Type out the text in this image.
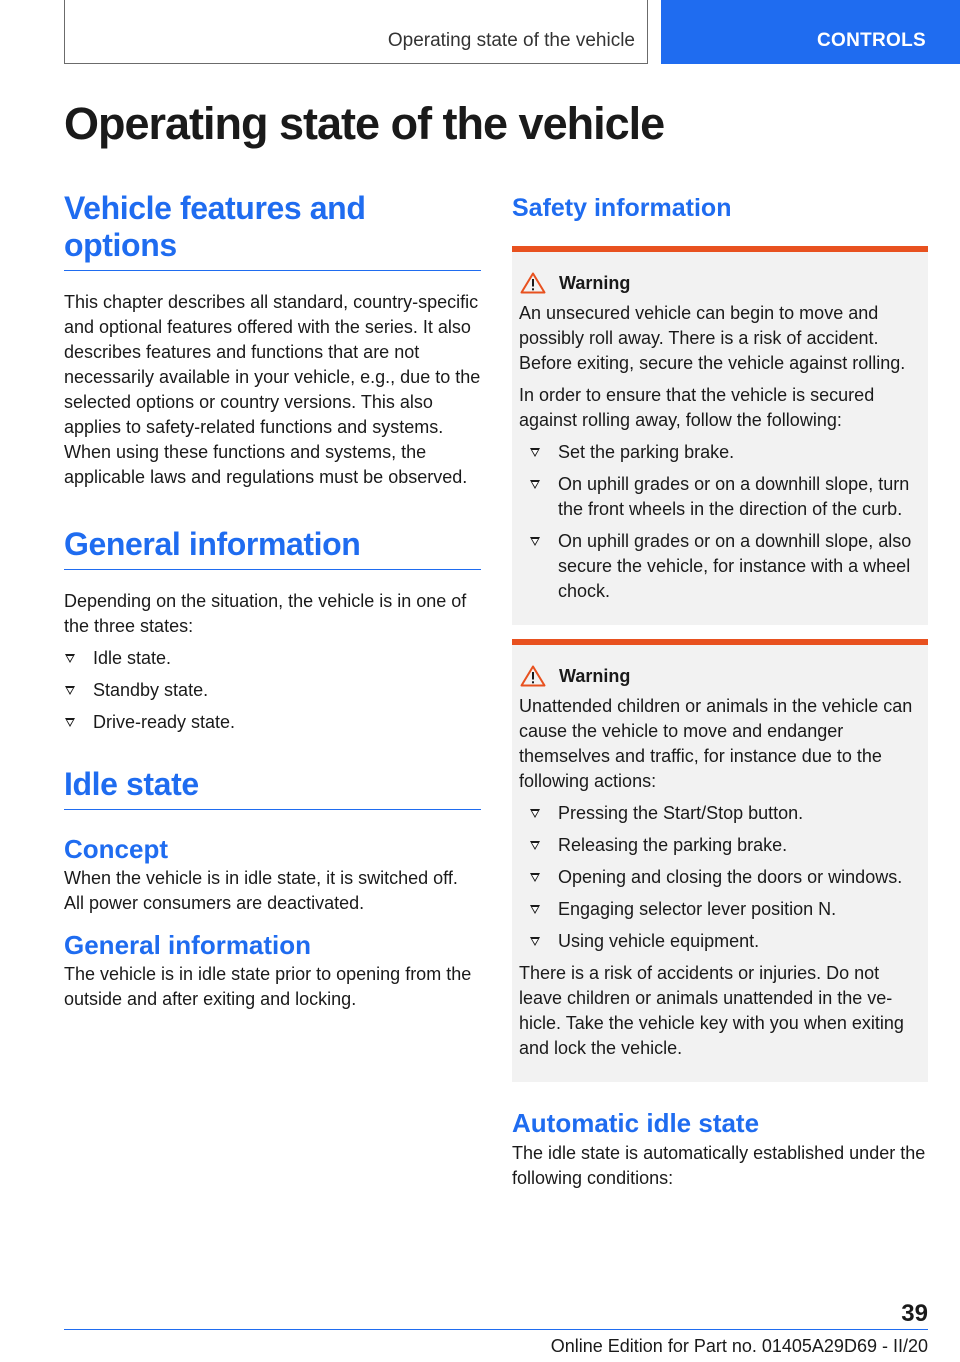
Operating state of the vehicle	CONTROLS
Operating state of the vehicle
Vehicle features and options

This chapter describes all standard, country-specific and optional features offered with the series. It also describes features and functions that are not necessarily available in your vehicle, e.g., due to the selected options or country versions. This also applies to safety-related functions and systems. When using these functions and systems, the applicable laws and regulations must be observed.

General information

Depending on the situation, the vehicle is in one of the three states:

Idle state.
Standby state.
Drive-ready state.
Idle state
Concept

When the vehicle is in idle state, it is switched off. All power consumers are deactivated.

General information

The vehicle is in idle state prior to opening from the outside and after exiting and locking.

Safety information
Warning

An unsecured vehicle can begin to move and possibly roll away. There is a risk of accident. Before exiting, secure the vehicle against rolling.

In order to ensure that the vehicle is secured against rolling away, follow the following:

Set the parking brake.
On uphill grades or on a downhill slope, turn the front wheels in the direction of the curb.
On uphill grades or on a downhill slope, also secure the vehicle, for instance with a wheel chock.
Warning

Unattended children or animals in the vehicle can cause the vehicle to move and endanger themselves and traffic, for instance due to the following actions:

Pressing the Start/Stop button.
Releasing the parking brake.
Opening and closing the doors or windows.
Engaging selector lever position N.
Using vehicle equipment.

There is a risk of accidents or injuries. Do not leave children or animals unattended in the vehicle. Take the vehicle key with you when exiting and lock the vehicle.

Automatic idle state

The idle state is automatically established under the following conditions:

39
Online Edition for Part no. 01405A29D69 - II/20
